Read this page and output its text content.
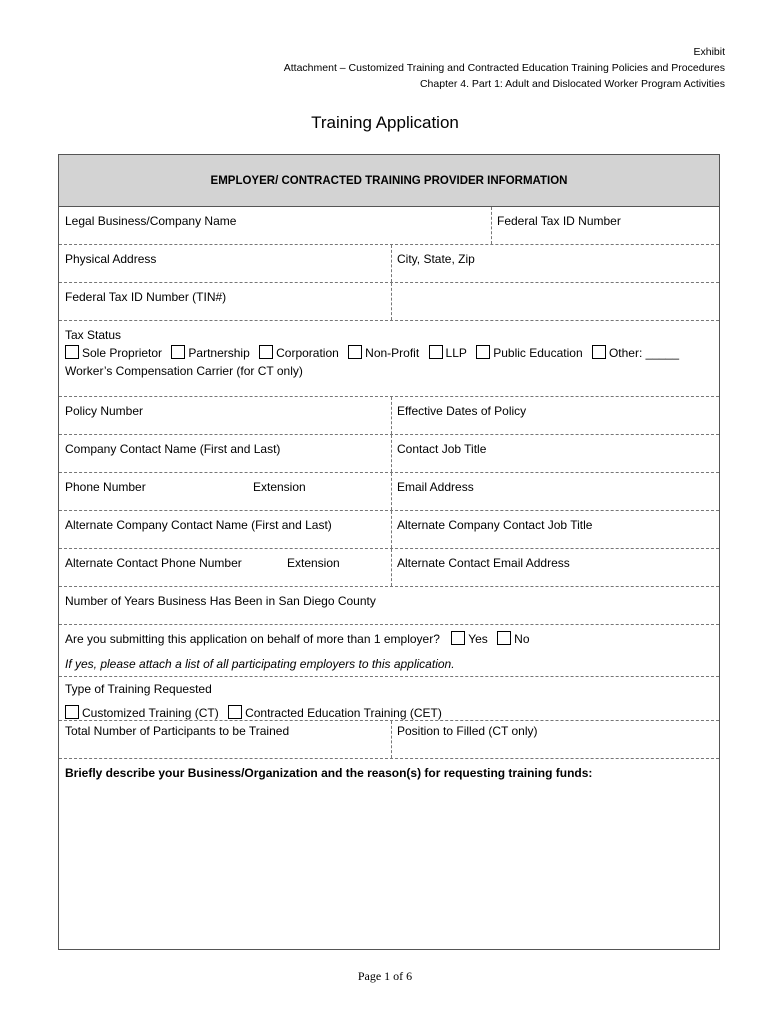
Exhibit
Attachment – Customized Training and Contracted Education Training Policies and Procedures
Chapter 4. Part 1: Adult and Dislocated Worker Program Activities
Training Application
EMPLOYER/ CONTRACTED TRAINING PROVIDER INFORMATION
Legal Business/Company Name	Federal Tax ID Number
Physical Address	City, State, Zip
Federal Tax ID Number (TIN#)
Tax Status
Sole Proprietor Partnership Corporation Non-Profit LLP Public Education Other: _____
Worker’s Compensation Carrier (for CT only)
Policy Number	Effective Dates of Policy
Company Contact Name (First and Last)	Contact Job Title
Phone Number	Extension	Email Address
Alternate Company Contact Name (First and Last)	Alternate Company Contact Job Title
Alternate Contact Phone Number	Extension	Alternate Contact Email Address
Number of Years Business Has Been in San Diego County
Are you submitting this application on behalf of more than 1 employer? Yes No
If yes, please attach a list of all participating employers to this application.
Type of Training Requested
Customized Training (CT) Contracted Education Training (CET)
Total Number of Participants to be Trained	Position to Filled (CT only)
Briefly describe your Business/Organization and the reason(s) for requesting training funds:
Page 1 of 6
